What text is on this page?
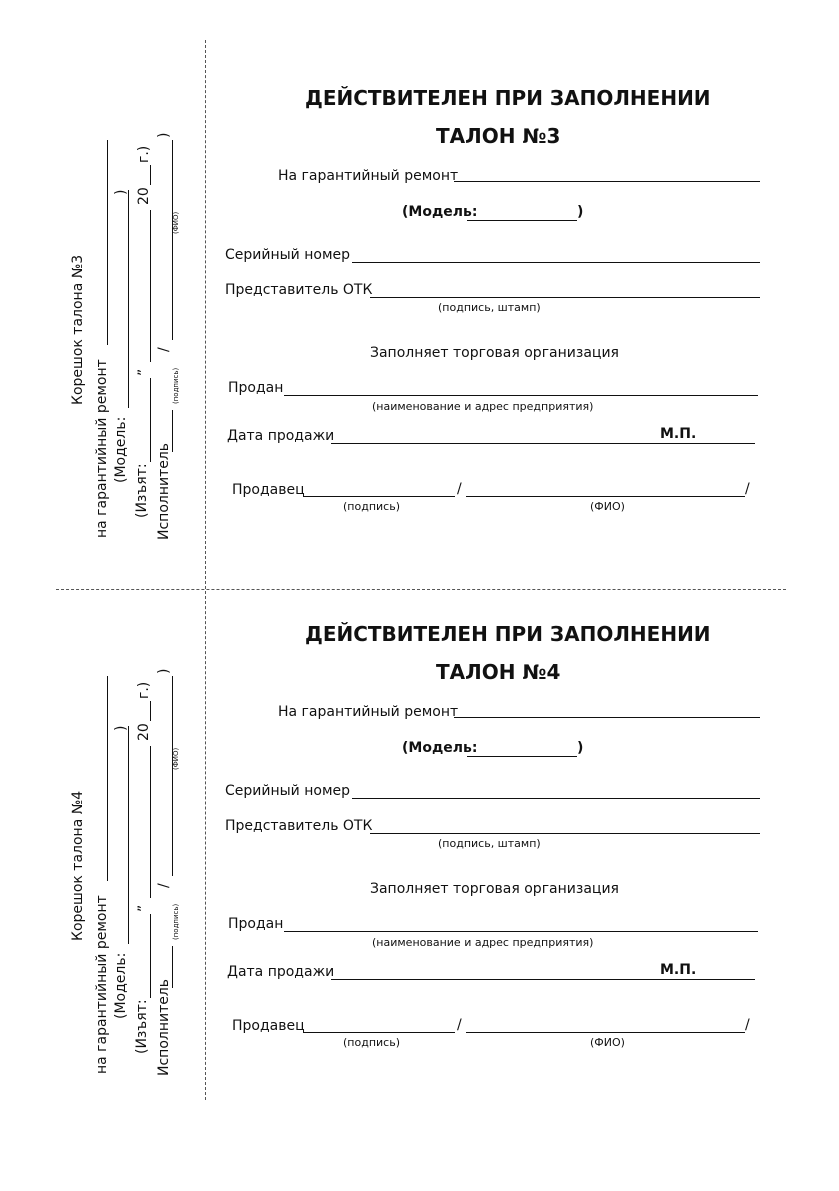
Корешок талона №3
на гарантийный ремонт (Модель:
)
(Изъят:
”
20
г.)
Исполнитель
(подпись)
/
(ФИО)
)
ДЕЙСТВИТЕЛЕН ПРИ ЗАПОЛНЕНИИ
ТАЛОН №3
На гарантийный ремонт
(Модель:	)
Серийный номер
Представитель ОТК
(подпись, штамп)
Заполняет торговая организация
Продан
(наименование и адрес предприятия)
Дата продажи	М.П.
Продавец	/	/
(подпись)	(ФИО)
Корешок талона №4
на гарантийный ремонт (Модель:
)
(Изъят:
”
20
г.)
Исполнитель
(подпись)
/
(ФИО)
)
ДЕЙСТВИТЕЛЕН ПРИ ЗАПОЛНЕНИИ
ТАЛОН №4
На гарантийный ремонт
(Модель:	)
Серийный номер
Представитель ОТК
(подпись, штамп)
Заполняет торговая организация
Продан
(наименование и адрес предприятия)
Дата продажи	М.П.
Продавец	/	/
(подпись)	(ФИО)
